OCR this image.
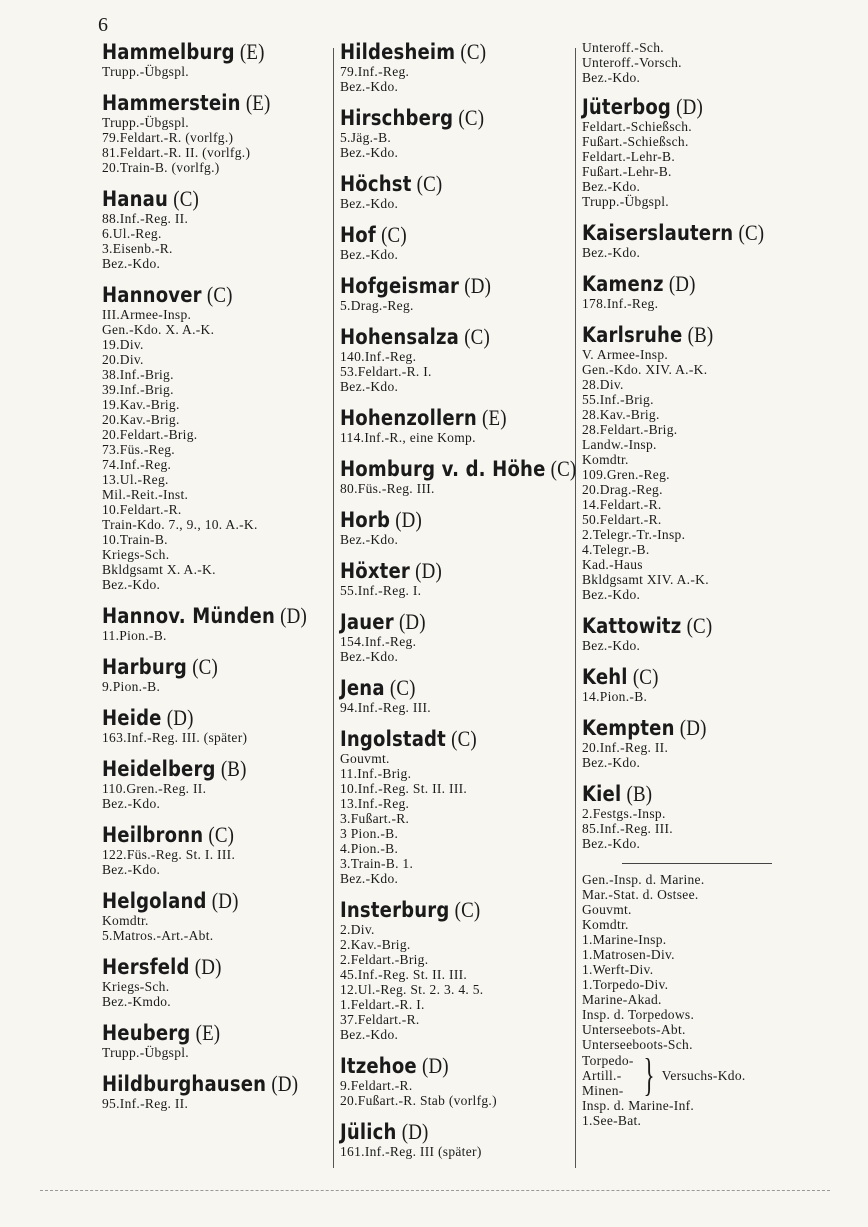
6
Hammelburg (E)
Trupp.-Übgspl.
Hammerstein (E)
Trupp.-Übgspl.
79.Feldart.-R. (vorlfg.)
81.Feldart.-R. II. (vorlfg.)
20.Train-B. (vorlfg.)
Hanau (C)
88.Inf.-Reg. II.
6.Ul.-Reg.
3.Eisenb.-R.
Bez.-Kdo.
Hannover (C)
III.Armee-Insp.
Gen.-Kdo. X. A.-K.
19.Div.
20.Div.
38.Inf.-Brig.
39.Inf.-Brig.
19.Kav.-Brig.
20.Kav.-Brig.
20.Feldart.-Brig.
73.Füs.-Reg.
74.Inf.-Reg.
13.Ul.-Reg.
Mil.-Reit.-Inst.
10.Feldart.-R.
Train-Kdo. 7., 9., 10. A.-K.
10.Train-B.
Kriegs-Sch.
Bkldgsamt X. A.-K.
Bez.-Kdo.
Hannov. Münden (D)
11.Pion.-B.
Harburg (C)
9.Pion.-B.
Heide (D)
163.Inf.-Reg. III. (später)
Heidelberg (B)
110.Gren.-Reg. II.
Bez.-Kdo.
Heilbronn (C)
122.Füs.-Reg. St. I. III.
Bez.-Kdo.
Helgoland (D)
Komdtr.
5.Matros.-Art.-Abt.
Hersfeld (D)
Kriegs-Sch.
Bez.-Kmdo.
Heuberg (E)
Trupp.-Übgspl.
Hildburghausen (D)
95.Inf.-Reg. II.
Hildesheim (C)
79.Inf.-Reg.
Bez.-Kdo.
Hirschberg (C)
5.Jäg.-B.
Bez.-Kdo.
Höchst (C)
Bez.-Kdo.
Hof (C)
Bez.-Kdo.
Hofgeismar (D)
5.Drag.-Reg.
Hohensalza (C)
140.Inf.-Reg.
53.Feldart.-R. I.
Bez.-Kdo.
Hohenzollern (E)
114.Inf.-R., eine Komp.
Homburg v. d. Höhe (C)
80.Füs.-Reg. III.
Horb (D)
Bez.-Kdo.
Höxter (D)
55.Inf.-Reg. I.
Jauer (D)
154.Inf.-Reg.
Bez.-Kdo.
Jena (C)
94.Inf.-Reg. III.
Ingolstadt (C)
Gouvmt.
11.Inf.-Brig.
10.Inf.-Reg. St. II. III.
13.Inf.-Reg.
3.Fußart.-R.
3 Pion.-B.
4.Pion.-B.
3.Train-B. 1.
Bez.-Kdo.
Insterburg (C)
2.Div.
2.Kav.-Brig.
2.Feldart.-Brig.
45.Inf.-Reg. St. II. III.
12.Ul.-Reg. St. 2. 3. 4. 5.
1.Feldart.-R. I.
37.Feldart.-R.
Bez.-Kdo.
Itzehoe (D)
9.Feldart.-R.
20.Fußart.-R. Stab (vorlfg.)
Jülich (D)
161.Inf.-Reg. III (später)
Unteroff.-Sch.
Unteroff.-Vorsch.
Bez.-Kdo.
Jüterbog (D)
Feldart.-Schießsch.
Fußart.-Schießsch.
Feldart.-Lehr-B.
Fußart.-Lehr-B.
Bez.-Kdo.
Trupp.-Übgspl.
Kaiserslautern (C)
Bez.-Kdo.
Kamenz (D)
178.Inf.-Reg.
Karlsruhe (B)
V. Armee-Insp.
Gen.-Kdo. XIV. A.-K.
28.Div.
55.Inf.-Brig.
28.Kav.-Brig.
28.Feldart.-Brig.
Landw.-Insp.
Komdtr.
109.Gren.-Reg.
20.Drag.-Reg.
14.Feldart.-R.
50.Feldart.-R.
2.Telegr.-Tr.-Insp.
4.Telegr.-B.
Kad.-Haus
Bkldgsamt XIV. A.-K.
Bez.-Kdo.
Kattowitz (C)
Bez.-Kdo.
Kehl (C)
14.Pion.-B.
Kempten (D)
20.Inf.-Reg. II.
Bez.-Kdo.
Kiel (B)
2.Festgs.-Insp.
85.Inf.-Reg. III.
Bez.-Kdo.
Gen.-Insp. d. Marine.
Mar.-Stat. d. Ostsee.
Gouvmt.
Komdtr.
1.Marine-Insp.
1.Matrosen-Div.
1.Werft-Div.
1.Torpedo-Div.
Marine-Akad.
Insp. d. Torpedows.
Unterseebots-Abt.
Unterseeboots-Sch.
Torpedo-
Artill.-
Minen- } Versuchs-Kdo.
Insp. d. Marine-Inf.
1.See-Bat.
